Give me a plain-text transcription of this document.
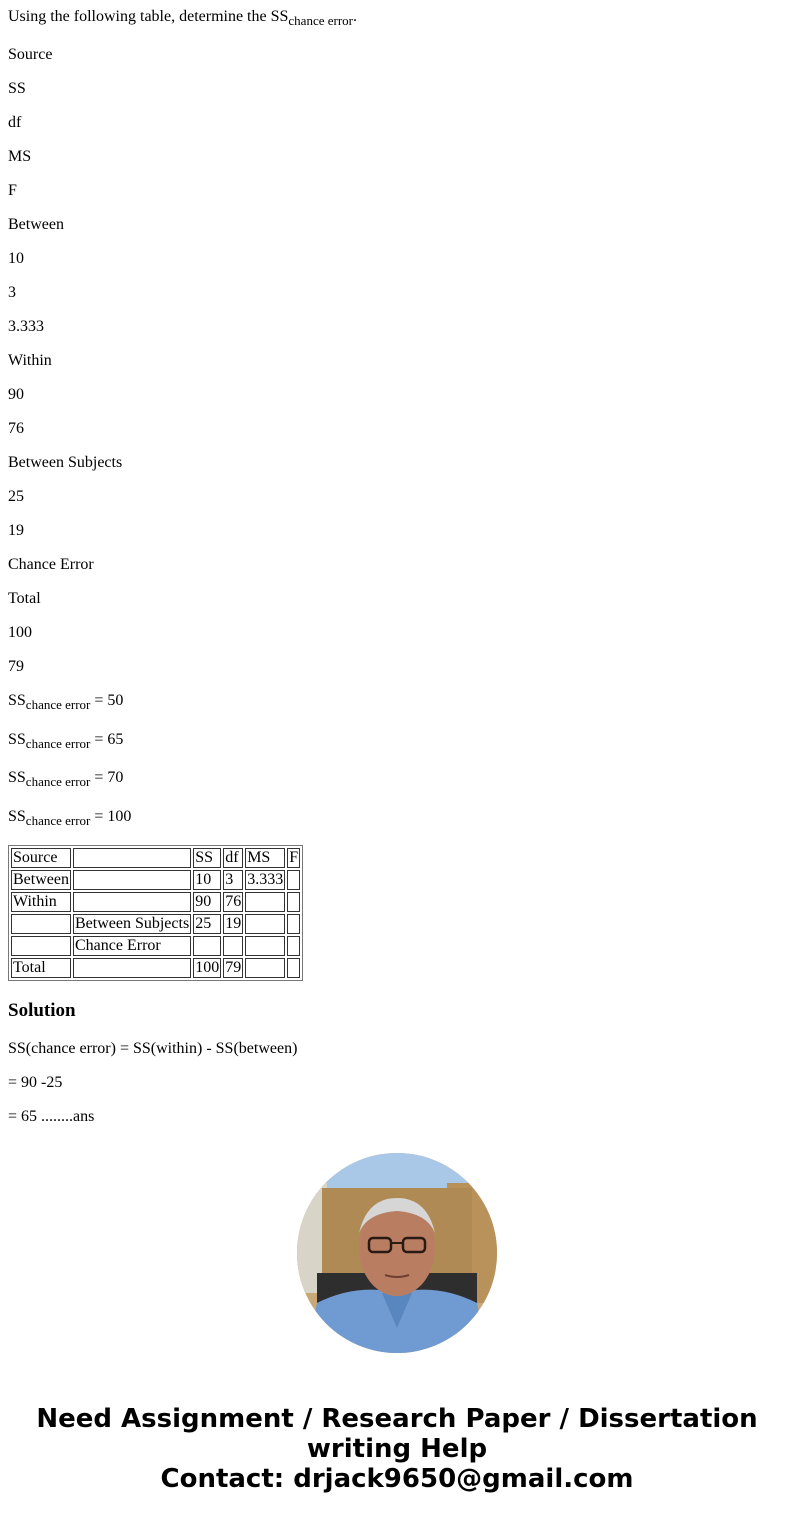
Using the following table, determine the $SS_{chance error}$.

Source

SS

df

MS

F

Between

10

3

3.333

Within

90

76

Between Subjects

25

19

Chance Error

Total

100

79

$SS_{chance error} = 50$

$SS_{chance error} = 65$

$SS_{chance error} = 70$

$SS_{chance error} = 100$

Source		SS	df	MS	F
Between		10	3	3.333	
Within		90	76		
	Between Subjects	25	19		
	Chance Error				
Total		100	79		
Solution

SS(chance error) = SS(within) - SS(between)

= 90 -25

= 65 ........ans

Need Assignment / Research Paper / Dissertation
writing Help
Contact: drjack9650@gmail.com
